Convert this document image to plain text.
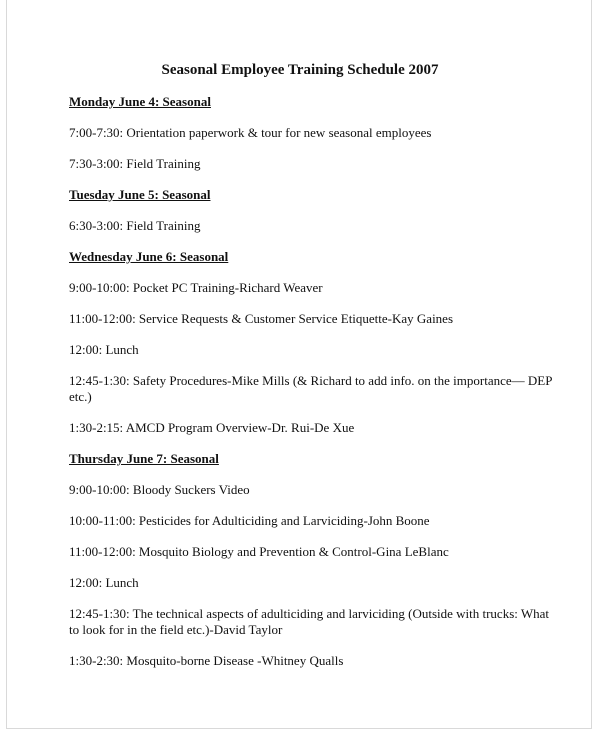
Seasonal Employee Training Schedule 2007

Monday June 4: Seasonal

7:00-7:30: Orientation paperwork & tour for new seasonal employees

7:30-3:00: Field Training

Tuesday June 5: Seasonal

6:30-3:00: Field Training

Wednesday June 6: Seasonal

9:00-10:00: Pocket PC Training-Richard Weaver

11:00-12:00: Service Requests & Customer Service Etiquette-Kay Gaines

12:00: Lunch

12:45-1:30: Safety Procedures-Mike Mills (& Richard to add info. on the importance— DEP etc.)

1:30-2:15: AMCD Program Overview-Dr. Rui-De Xue

Thursday June 7: Seasonal

9:00-10:00: Bloody Suckers Video

10:00-11:00: Pesticides for Adulticiding and Larviciding-John Boone

11:00-12:00: Mosquito Biology and Prevention & Control-Gina LeBlanc

12:00: Lunch

12:45-1:30: The technical aspects of adulticiding and larviciding (Outside with trucks: What to look for in the field etc.)-David Taylor

1:30-2:30: Mosquito-borne Disease -Whitney Qualls
